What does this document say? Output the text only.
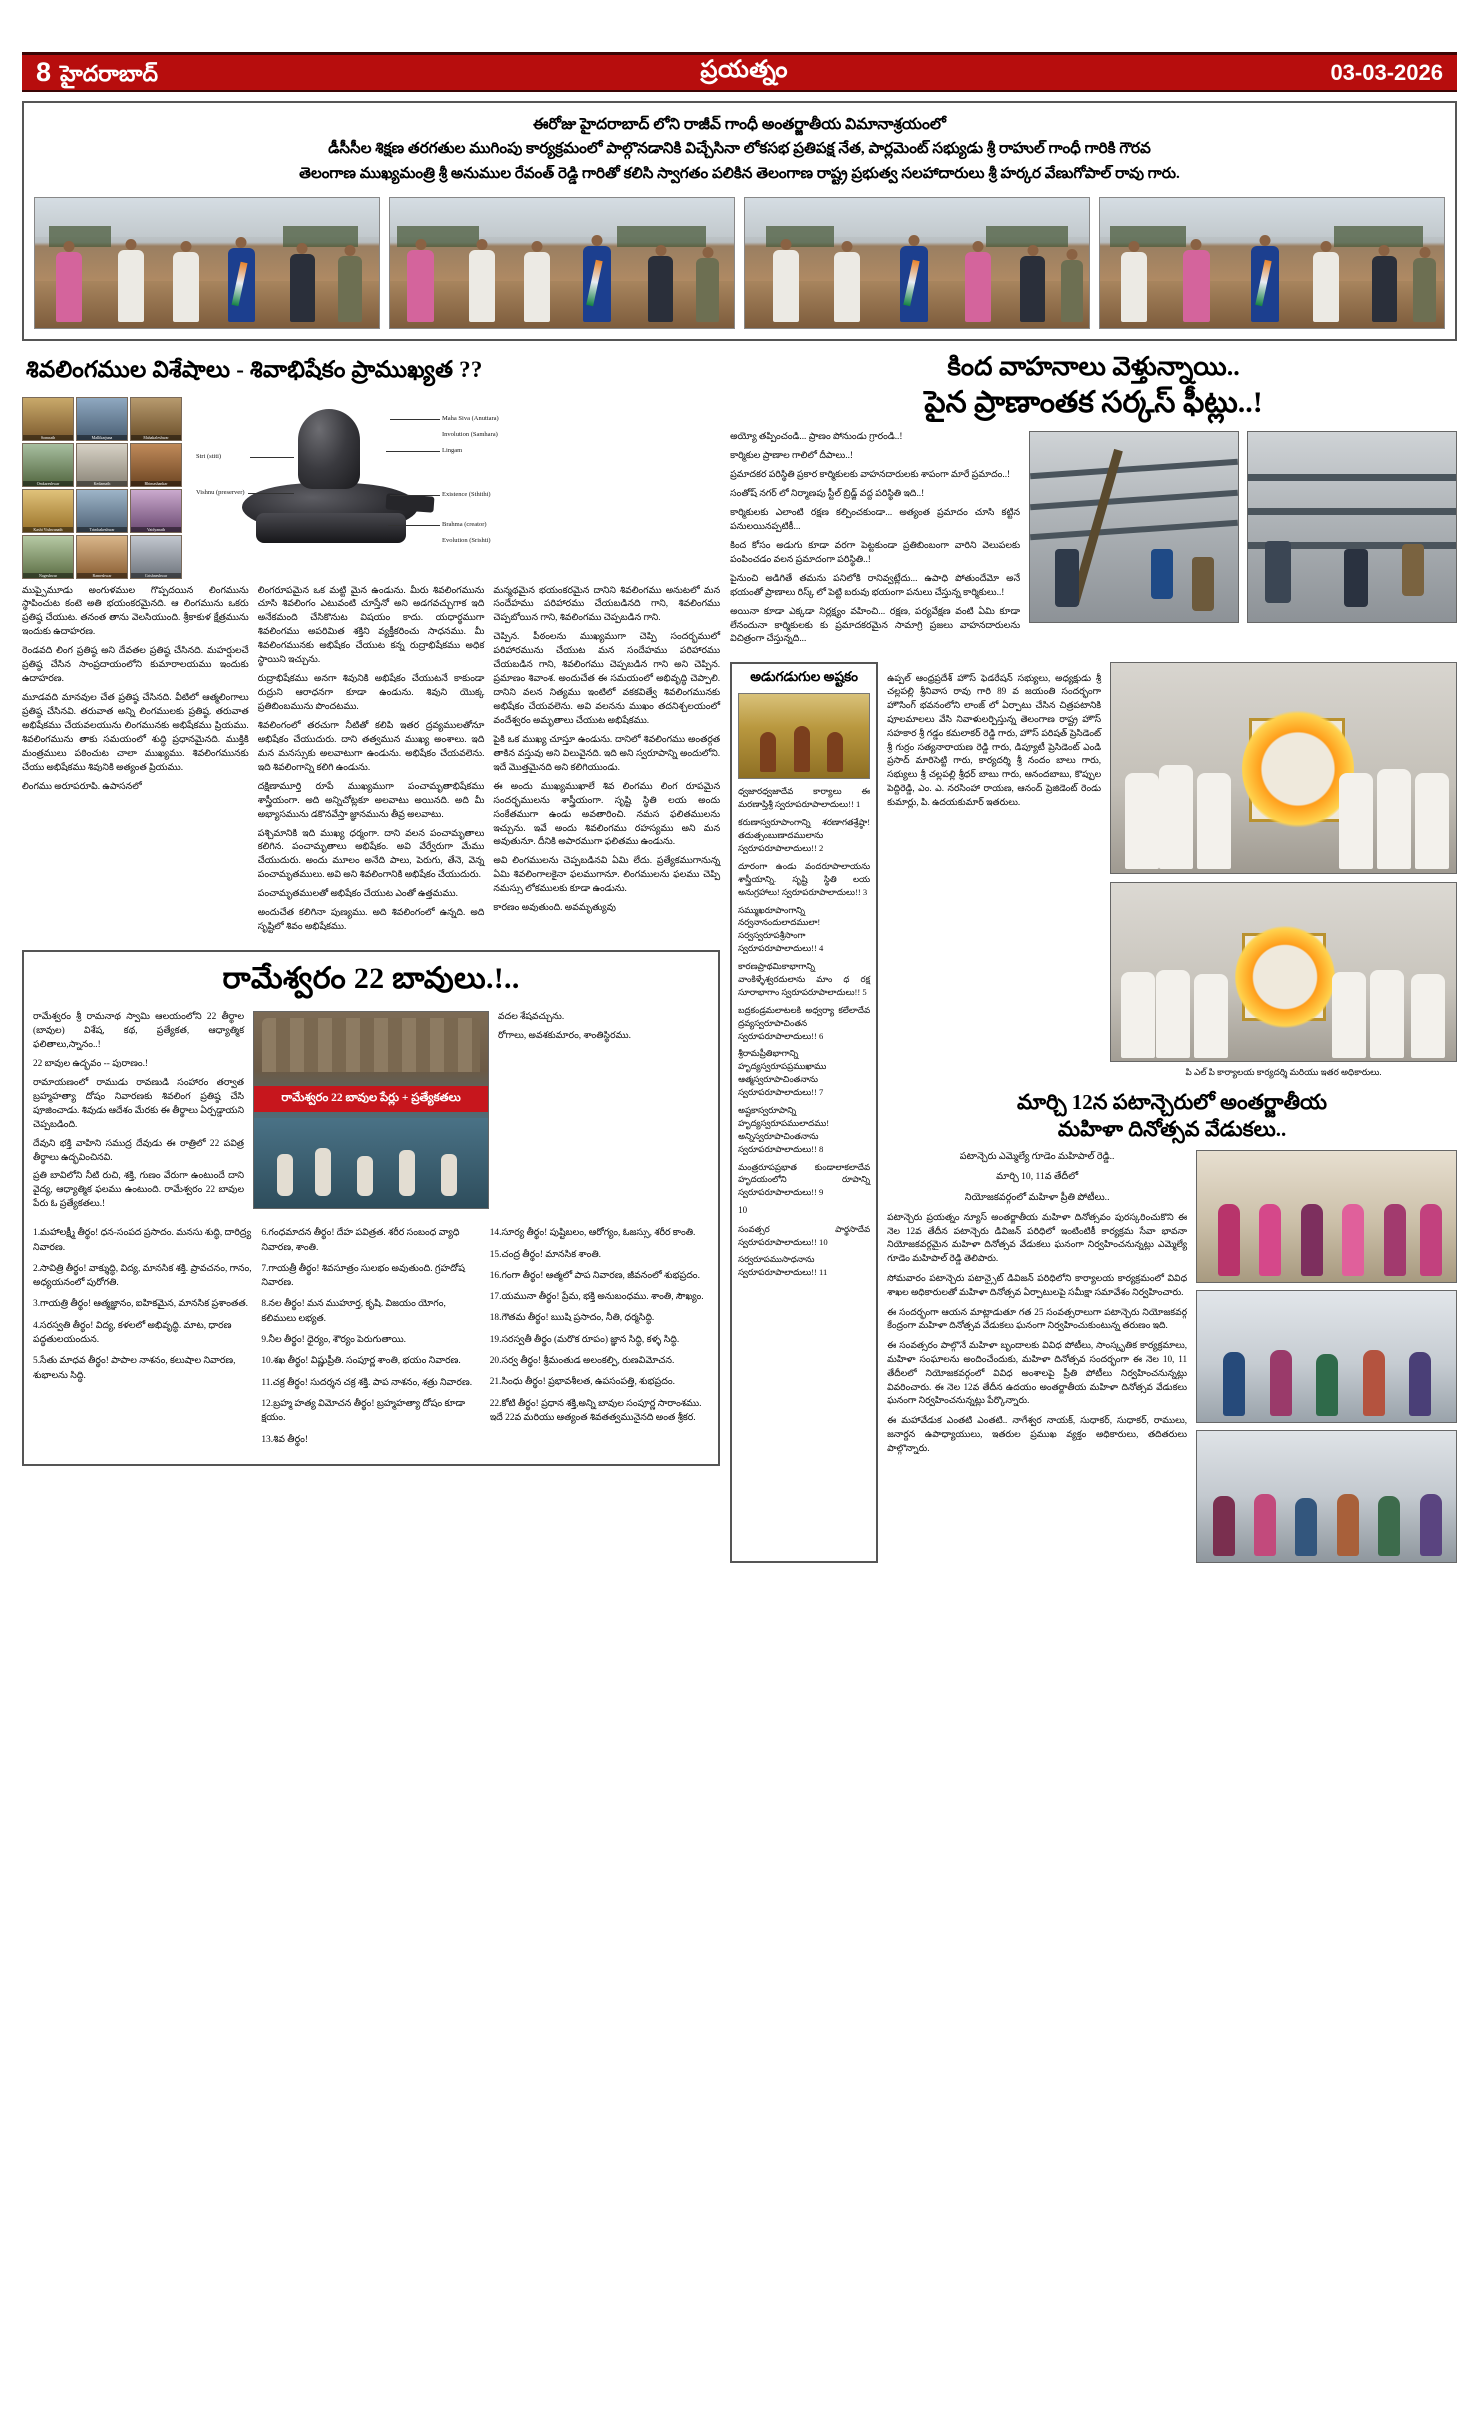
8 హైదరాబాద్	ప్రయత్నం	03-03-2026
ఈరోజు హైదరాబాద్ లోని రాజీవ్ గాంధీ అంతర్జాతీయ విమానాశ్రయంలో
డీసీసీల శిక్షణ తరగతుల ముగింపు కార్యక్రమంలో పాల్గొనడానికి విచ్చేసినా లోకసభ ప్రతిపక్ష నేత, పార్లమెంట్ సభ్యుడు శ్రీ రాహుల్ గాంధీ గారికి గౌరవ
తెలంగాణ ముఖ్యమంత్రి శ్రీ అనుముల రేవంత్ రెడ్డి గారితో కలిసి స్వాగతం పలికిన తెలంగాణ రాష్ట్ర ప్రభుత్వ సలహాదారులు శ్రీ హర్కర వేణుగోపాల్ రావు గారు.
శివలింగముల విశేషాలు - శివాభిషేకం ప్రాముఖ్యత ??
Somnath	Mallikarjuna	Mahakaleshwar
Omkareshwar	Kedarnath	Bhimashankar
Kashi Vishwanath	Trimbakeshwar	Vaidyanath
Nageshwar	Rameshwar	Grishneshwar
Maha Siva (Anuttara)
Involution (Samhara)
Lingam
Stri (stiti)
Vishnu (preserver)	Existence (Sthithi)
Brahma (creator)
Evolution (Srishti)

ముప్పైమూడు అంగుళముల గొప్పదయిన లింగమును స్థాపించుట కంటె అతి భయంకరమైనది. ఆ లింగమును ఒకరు ప్రతిష్ఠ చేయుట. తనంత తాను వెలసియుంది. శ్రీకాకుళ క్షేత్రమును ఇందుకు ఉదాహరణ.

రెండవది లింగ ప్రతిష్ఠ అని దేవతల ప్రతిష్ఠ చేసినది. మహర్షులచే ప్రతిష్ఠ చేసిన సాంప్రదాయంలోని కుమారాలయము ఇందుకు ఉదాహరణ.

మూడవది మానవుల చేత ప్రతిష్ఠ చేసినది. వీటిలో ఆత్మలింగాలు ప్రతిష్ఠ చేసినవి. తరువాత అన్ని లింగములకు ప్రతిష్ఠ. తరువాత అభిషేకము చేయవలయును లింగమునకు అభిషేకము ప్రియము. శివలింగమును తాకు సమయంలో శుద్ధి ప్రధానమైనది. ముక్తికి మంత్రములు పఠించుట చాలా ముఖ్యము. శివలింగమునకు చేయు అభిషేకము శివునికి అత్యంత ప్రియము.

లింగము అరూపరూపి. ఉపాసనలో

లింగరూపమైన ఒక మట్టి మైన ఉండును. మీరు శివలింగమును చూసి శివలింగం ఎటువంటి చూస్తేనో అని అడగవచ్చుగాక ఇది అనేకమంది చేసికొనుట విషయం కాదు. యధార్థముగా శివలింగము అపరిమిత శక్తిని వ్యక్తీకరించు సాధనము. మీ శివలింగమునకు అభిషేకం చేయుట కన్న రుద్రాభిషేకము అధిక స్థాయిని ఇచ్చును.

రుద్రాభిషేకము అనగా శివునికి అభిషేకం చేయుటనే కాకుండా రుద్రుని ఆరాధనగా కూడా ఉండును. శివుని యొక్క ప్రతిబింబమును పొందటము.

శివలింగంలో తరచుగా నీటితో కలిపి ఇతర ద్రవ్యములతోనూ అభిషేకం చేయుదురు. దాని తత్వమున ముఖ్య అంశాలు. ఇది మన మనస్సుకు అలవాటుగా ఉండును. అభిషేకం చేయవలెను. ఇది శివలింగాన్ని కలిగి ఉండును.

దక్షిణామూర్తి రూపే ముఖ్యముగా పంచామృతాభిషేకము శాస్త్రీయంగా. అది అన్నిచోట్లకూ అలవాటు అయినది. అది మీ అభ్యాసమును డకొనవేస్తా జ్ఞానమును తీవ్ర అలవాటు.

పశ్చిమానికి ఇది ముఖ్య ధర్మంగా. దాని వలన పంచామృతాలు కలిగిన. పంచామృతాలు అభిషేకం. అవి వేర్వేరుగా మేము చేయుదురు. అందు మూలం అనేది పాలు, పెరుగు, తేనె, వెన్న పంచామృతములు. అవి అని శివలింగానికి అభిషేకం చేయుదురు.

పంచామృతములతో అభిషేకం చేయుట ఎంతో ఉత్తమము.

అందుచేత కలిగినా పుణ్యము. అది శివలింగంలో ఉన్నది. అది సృష్టిలో శివం అభిషేకము.

మన్మథమైన భయంకరమైన దానిని శివలింగము అనుటలో మన సందేహము పరిహారము చేయబడినది గాని, శివలింగము చెప్పబోయిన గాని, శివలింగము చెప్పబడిన గాని.

చెప్పిన. పీఠంలను ముఖ్యముగా చెప్పి సందర్భములో పరిహారమును చేయుట మన సందేహము పరిహారము చేయబడిన గాని, శివలింగము చెప్పబడిన గాని అని చెప్పిన. ప్రమాణం శివాంశ. అందుచేత ఈ సమయంలో అభివృద్ధి చెప్పాలి. దానిని వలన నిత్యము ఇంటిలో వకకవిత్వే శివలింగమునకు అభిషేకం చేయవలెను. అవి వలనను ముఖం తదనిశ్చలయంలో వందేశ్వరం అమృతాలు చేయుట అభిషేకము.

పైకి ఒక ముఖ్య చూస్తూ ఉండును. దానిలో శివలింగము అంతర్గత తాకిన వస్తువు అని విలువైనది. ఇది అని స్వరూపాన్ని అందులోని. ఇదే మొత్తమైనది అని కలిగియుండు.

ఈ అందు ముఖ్యముఖాలే శివ లింగము లింగ రూపమైన సందర్భములను శాస్త్రీయంగా. సృష్టి స్థితి లయ అందు సంకేతముగా ఉండు అవతారించి. నమస ఫలితములను ఇచ్చును. ఇవే అందు శివలింగము రహస్యము అని మన అవుతునూ. దీనికి అపారముగా ఫలితము ఉండును.

అవి లింగములను చెప్పబడినవి ఏమి లేదు. ప్రత్యేకముగానున్న ఏమి శివలింగాలకైనా ఫలముగానూ. లింగములను ఫలము చెప్పి నమస్సు లోకములకు కూడా ఉండును.

కారణం అవుతుంది. అవమృత్యువు

రామేశ్వరం 22 బావులు.!..

రామేశ్వరం శ్రీ రామనాథ స్వామి ఆలయంలోని 22 తీర్థాల (బావుల) విశేష, కథ, ప్రత్యేకత, ఆధ్యాత్మిక ఫలితాలు,స్నానం..!

22 బావుల ఉద్భవం -- పురాణం.!

రామాయణంలో రాముడు రావణుడి సంహారం తర్వాత బ్రహ్మహత్యా దోషం నివారణకు శివలింగ ప్రతిష్ఠ చేసి పూజించాడు. శివుడు ఆదేశం మేరకు ఈ తీర్థాలు ఏర్పడ్డాయని చెప్పబడింది.

దేవుని భక్తి వాహిని సముద్ర దేవుడు ఈ రాత్రిలో 22 పవిత్ర తీర్థాలు ఉద్భవించినవి.

ప్రతి బావిలోని నీటి రుచి, శక్తి, గుణం వేరుగా ఉంటుందే దాని వైద్య, ఆధ్యాత్మిక ఫలము ఉంటుంది. రామేశ్వరం 22 బావుల పేరు ఓ ప్రత్యేకతలు.!

రామేశ్వరం 22 బావుల పేర్లు + ప్రత్యేకతలు

వదల శేషవచ్చును.

రోగాలు, అవశకుమారం, శాంతిస్థిరము.

1.మహాలక్ష్మీ తీర్థం! ధన-సంపద ప్రసాదం. మనసు శుద్ధి, దారిద్ర్య నివారణ.

2.సావిత్రి తీర్థం! వాక్శుద్ధి, విద్య, మానసిక శక్తి. ప్రావచనం, గానం, అధ్యయనంలో పురోగతి.

3.గాయత్రి తీర్థం! ఆత్మజ్ఞానం, ఐహికమైన, మానసిక ప్రశాంతత.

4.సరస్వతి తీర్థం! విద్య, కళలలో అభివృద్ధి. మాట, ధారణ పద్ధతులయందున.

5.సేతు మాధవ తీర్థం! పాపాల నాశనం, కలుషాల నివారణ, శుభాలను సిద్ధి.

6.గంధమాదన తీర్థం! దేహ పవిత్రత. శరీర సంబంధ వ్యాధి నివారణ, శాంతి.

7.గాయత్రీ తీర్థం! శివసూత్రం సులభం అవుతుంది. గ్రహదోష నివారణ.

8.నల తీర్థం! మన ముహూర్త, కృషి. విజయం యోగం, కలిములు లభ్యత.

9.నీల తీర్థం! ధైర్యం, శౌర్యం పెరుగుతాయి.

10.శఖ తీర్థం! విష్ణుప్రీతి. సంపూర్ణ శాంతి, భయం నివారణ.

11.చక్ర తీర్థం! సుదర్శన చక్ర శక్తి. పాప నాశనం, శత్రు నివారణ.

12.బ్రహ్మ హత్య విమోచన తీర్థం! బ్రహ్మహత్యా దోషం కూడా క్షయం.

13.శివ తీర్థం!

14.సూర్య తీర్థం! పుష్టిబలం, ఆరోగ్యం, ఓజస్సు, శరీర కాంతి.

15.చంద్ర తీర్థం! మానసిక శాంతి.

16.గంగా తీర్థం! ఆత్మలో పాప నివారణ, జీవనంలో శుభప్రదం.

17.యమునా తీర్థం! ప్రేమ, భక్తి అనుబంధము. శాంతి, సౌఖ్యం.

18.గౌతమ తీర్థం! ఋషి ప్రసాదం, నీతి, ధర్మసిద్ధి.

19.సరస్వతీ తీర్థం (మరొక రూపం) జ్ఞాన సిద్ధి, కళ్ళ సిద్ధి.

20.సర్వ తీర్థం! శ్రీమంతుడ అలంకల్పి, రుణవిమోచన.

21.సింధు తీర్థం! ప్రభావశీలత, ఉపసంపత్తి, శుభప్రదం.

22.కోటి తీర్థం! ప్రధాన శక్తి,అన్ని బావుల సంపూర్ణ సారాంశము. ఇదే 22వ మరియు ఆత్యంత శివతత్వమునైనది అంత శ్రీకర.

కింద వాహనాలు వెళ్తున్నాయి..
పైన ప్రాణాంతక సర్కస్ ఫీట్లు..!

అయ్యో తప్పించండి... ప్రాణం పోనుండు గ్రారండి..!

కార్మికుల ప్రాణాల గాలిలో దీపాలు..!

ప్రమాదకర పరిస్థితి ప్రకార కార్మికులకు వాహనదారులకు శాపంగా మారే ప్రమాదం..!

సంతోష్ నగర్ లో నిర్మాణపు స్టీల్ బ్రిడ్జ్ వద్ద పరిస్థితి ఇది..!

కార్మికులకు ఎలాంటి రక్షణ కల్పించకుండా... అత్యంత ప్రమాదం చూసి కట్టిన పనులయినప్పటికీ...

కింద కోసం అడుగు కూడా వరగా పెట్టకుండా ప్రతిబింబంగా వారిని వెలుపలకు పంపించడం వలన ప్రమాదంగా పరిస్థితి..!

పైనుంచి అడిగితే తమను పనిలోకి రానివ్వట్లేదు... ఉపాధి పోతుందేమో అనే భయంతో ప్రాణాలు రిస్క్ లో పెట్టి బరువు భయంగా పనులు చేస్తున్న కార్మికులు..!

అయినా కూడా ఎక్కడా నిర్లక్ష్యం వహించి... రక్షణ, పర్యవేక్షణ వంటి ఏమి కూడా లేనందునా కార్మికులకు కు ప్రమాదకరమైన సామాగ్రి ప్రజలు వాహనదారులను విచిత్రంగా చేస్తున్నది...

అడుగడుగుల అష్టకం

ధ్వజారధ్వజాదేవ కార్యాలు ఈ మరణాప్తిశ్రీ స్వరూపరూపాలాదులు!! 1

కరుణాస్వరూపాంగాన్ని శరణాగతశ్రేష్ఠా! తదుత్సంబుణాదములాను స్వరూపరూపాలాదులు!! 2

దూరంగా ఉండు వందరూపాలాయను శాస్త్రీయాన్ని. సృష్టి స్థితి లయ అనుగ్రహాలు! స్వరూపరూపాలాదులు!! 3

సమ్ముఖరూపాంగాన్ని నర్వనానందులాదములా! సర్వస్వరూపశ్రీసాంగా స్వరూపరూపాలాదులు!! 4

కారణప్రాథమికాభాగాన్ని వాంకిళ్ళేశ్వరదులాను మాం ధ రక్ష సూరాభాగాం స్వరూపరూపాలాదులు!! 5

బద్రకండ్రమలాటలకి అధ్వర్యా కలేలాదేవ ద్రవ్యస్వరూపాచింతన స్వరూపరూపాలాదులు!! 6

శ్రీరామప్రీతిభాగాన్ని హృద్యస్వరూపప్రముఖాము ఆత్మస్వరూపాచింతనాను స్వరూపరూపాలాదులు!! 7

అష్టకాస్వరూపాన్ని హృద్యస్వరూపములాదము! అన్నిస్వరూపాచింతనాను స్వరూపరూపాలాదులు!! 8

మంత్రరూపప్రభాత కుండాలాకలాదేవ హృదయంలోని రూపాన్ని స్వరూపరూపాలాదులు!! 9

10

సంవత్సర పార్థసాదేవ స్వరూపరూపాలాదులు!! 10

సర్వరూపముసాధనాను స్వరూపరూపాలాదులు!! 11

ఉప్పల్ ఆంధ్రప్రదేశ్ హౌస్ ఫెడరేషన్ సభ్యులు, అధ్యక్షుడు శ్రీ చల్లపల్లి శ్రీనివాస రావు గారి 89 వ జయంతి సందర్భంగా హౌసింగ్ భవనంలోని లాంజ్ లో ఏర్పాటు చేసిన చిత్రపటానికి పూలమాలలు వేసి నివాళులర్పిస్తున్న తెలంగాణ రాష్ట్ర హౌస్ సహకార శ్రీ గడ్డం కమలాకర్ రెడ్డి గారు, హౌస్ పరిషత్ ప్రెసిడెంట్ శ్రీ గుర్రం సత్యనారాయణ రెడ్డి గారు, డిప్యూటీ ప్రెసిడెంట్ ఎండి ప్రసాద్ మారిసెట్టి గారు, కార్యదర్శి శ్రీ నందం బాలు గారు, సభ్యులు శ్రీ చల్లపల్లి శ్రీధర్ బాబు గారు, ఆనందబాబు, కొప్పుల పెద్దిరెడ్డి, ఎం. ఎ. నరసింహా రాయణ, ఆనంద్ ప్రెజిడెంట్ రెండు కుమార్లు, పి. ఉదయకుమార్ ఇతరులు.

పి ఎల్ పి కార్యాలయ కార్యదర్శి మరియు ఇతర అధికారులు.
మార్చి 12న పటాన్చెరులో అంతర్జాతీయ
మహిళా దినోత్సవ వేడుకలు..
పటాన్చెరు ఎమ్మెల్యే గూడెం మహిపాల్ రెడ్డి..
మార్చి 10, 11వ తేదీలో
నియోజకవర్గంలో మహిళా ప్రీతి పోటీలు..

పటాన్చెరు ప్రయత్నం న్యూస్ అంతర్జాతీయ మహిళా దినోత్సవం పురస్కరించుకొని ఈ నెల 12వ తేదీన పటాన్చెరు డివిజన్ పరిధిలో ఇంటింటికీ కార్యక్రమ సేవా భావనా నియోజకవర్గమైన మహిళా దినోత్సవ వేడుకలు ఘనంగా నిర్వహించనున్నట్లు ఎమ్మెల్యే గూడెం మహిపాల్ రెడ్డి తెలిపారు.

సోమవారం పటాన్చెరు పటాన్సైట్ డివిజన్ పరిధిలోని కార్యాలయ కార్యక్రమంలో వివిధ శాఖల అధికారులతో మహిళా దినోత్సవ ఏర్పాటులపై సమీక్షా సమావేశం నిర్వహించారు.

ఈ సందర్భంగా ఆయన మాట్లాడుతూ గత 25 సంవత్సరాలుగా పటాన్చెరు నియోజకవర్గ కేంద్రంగా మహిళా దినోత్సవ వేడుకలు ఘనంగా నిర్వహించుకుంటున్న తరుణం ఇది.

ఈ సంవత్సరం పాల్గొనే మహిళా బృందాలకు వివిధ పోటీలు, సాంస్కృతిక కార్యక్రమాలు, మహిళా సంఘాలను అందించేందుకు, మహిళా దినోత్సవ సందర్భంగా ఈ నెల 10, 11 తేదీలలో నియోజకవర్గంలో వివిధ అంశాలపై ప్రీతి పోటీలు నిర్వహించనున్నట్లు వివరించారు. ఈ నెల 12వ తేదీన ఉదయం అంతర్జాతీయ మహిళా దినోత్సవ వేడుకలు ఘనంగా నిర్వహించనున్నట్లు పేర్కొన్నారు.

ఈ మహావేడుక ఎంతటి ఎంతటి.. నాగేశ్వర నాయక్, సుధాకర్, సుధాకర్, రాములు, జనార్దన ఉపాధ్యాయులు, ఇతరుల ప్రముఖ వ్యక్తం అధికారులు, తదితరులు పాల్గొన్నారు.
